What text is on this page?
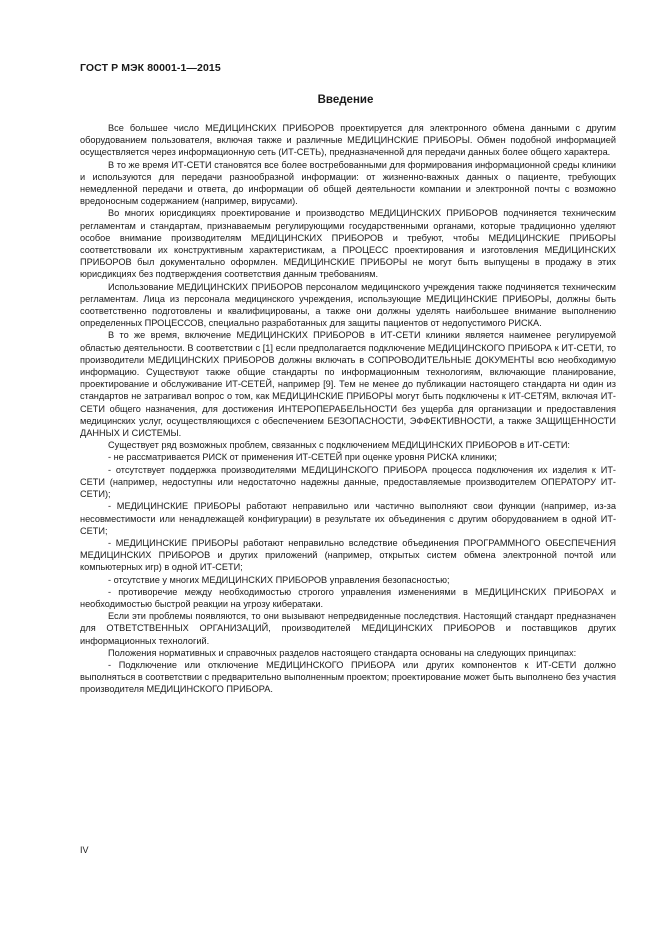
ГОСТ Р МЭК 80001-1—2015
Введение

Все большее число МЕДИЦИНСКИХ ПРИБОРОВ проектируется для электронного обмена данными с другим оборудованием пользователя, включая также и различные МЕДИЦИНСКИЕ ПРИБОРЫ. Обмен подобной информацией осуществляется через информационную сеть (ИТ-СЕТЬ), предназначенной для передачи данных более общего характера.

В то же время ИТ-СЕТИ становятся все более востребованными для формирования информационной среды клиники и используются для передачи разнообразной информации: от жизненно-важных данных о пациенте, требующих немедленной передачи и ответа, до информации об общей деятельности компании и электронной почты с возможно вредоносным содержанием (например, вирусами).

Во многих юрисдикциях проектирование и производство МЕДИЦИНСКИХ ПРИБОРОВ подчиняется техническим регламентам и стандартам, признаваемым регулирующими государственными органами, которые традиционно уделяют особое внимание производителям МЕДИЦИНСКИХ ПРИБОРОВ и требуют, чтобы МЕДИЦИНСКИЕ ПРИБОРЫ соответствовали их конструктивным характеристикам, а ПРОЦЕСС проектирования и изготовления МЕДИЦИНСКИХ ПРИБОРОВ был документально оформлен. МЕДИЦИНСКИЕ ПРИБОРЫ не могут быть выпущены в продажу в этих юрисдикциях без подтверждения соответствия данным требованиям.

Использование МЕДИЦИНСКИХ ПРИБОРОВ персоналом медицинского учреждения также подчиняется техническим регламентам. Лица из персонала медицинского учреждения, использующие МЕДИЦИНСКИЕ ПРИБОРЫ, должны быть соответственно подготовлены и квалифицированы, а также они должны уделять наибольшее внимание выполнению определенных ПРОЦЕССОВ, специально разработанных для защиты пациентов от недопустимого РИСКА.

В то же время, включение МЕДИЦИНСКИХ ПРИБОРОВ в ИТ-СЕТИ клиники является наименее регулируемой областью деятельности. В соответствии с [1] если предполагается подключение МЕДИЦИНСКОГО ПРИБОРА к ИТ-СЕТИ, то производители МЕДИЦИНСКИХ ПРИБОРОВ должны включать в СОПРОВОДИТЕЛЬНЫЕ ДОКУМЕНТЫ всю необходимую информацию. Существуют также общие стандарты по информационным технологиям, включающие планирование, проектирование и обслуживание ИТ-СЕТЕЙ, например [9]. Тем не менее до публикации настоящего стандарта ни один из стандартов не затрагивал вопрос о том, как МЕДИЦИНСКИЕ ПРИБОРЫ могут быть подключены к ИТ-СЕТЯМ, включая ИТ-СЕТИ общего назначения, для достижения ИНТЕРОПЕРАБЕЛЬНОСТИ без ущерба для организации и предоставления медицинских услуг, осуществляющихся с обеспечением БЕЗОПАСНОСТИ, ЭФФЕКТИВНОСТИ, а также ЗАЩИЩЕННОСТИ ДАННЫХ И СИСТЕМЫ.

Существует ряд возможных проблем, связанных с подключением МЕДИЦИНСКИХ ПРИБОРОВ в ИТ-СЕТИ:

- не рассматривается РИСК от применения ИТ-СЕТЕЙ при оценке уровня РИСКА клиники;

- отсутствует поддержка производителями МЕДИЦИНСКОГО ПРИБОРА процесса подключения их изделия к ИТ-СЕТИ (например, недоступны или недостаточно надежны данные, предоставляемые производителем ОПЕРАТОРУ ИТ-СЕТИ);

- МЕДИЦИНСКИЕ ПРИБОРЫ работают неправильно или частично выполняют свои функции (например, из-за несовместимости или ненадлежащей конфигурации) в результате их объединения с другим оборудованием в одной ИТ-СЕТИ;

- МЕДИЦИНСКИЕ ПРИБОРЫ работают неправильно вследствие объединения ПРОГРАММНОГО ОБЕСПЕЧЕНИЯ МЕДИЦИНСКИХ ПРИБОРОВ и других приложений (например, открытых систем обмена электронной почтой или компьютерных игр) в одной ИТ-СЕТИ;

- отсутствие у многих МЕДИЦИНСКИХ ПРИБОРОВ управления безопасностью;

- противоречие между необходимостью строгого управления изменениями в МЕДИЦИНСКИХ ПРИБОРАХ и необходимостью быстрой реакции на угрозу кибератаки.

Если эти проблемы появляются, то они вызывают непредвиденные последствия. Настоящий стандарт предназначен для ОТВЕТСТВЕННЫХ ОРГАНИЗАЦИЙ, производителей МЕДИЦИНСКИХ ПРИБОРОВ и поставщиков других информационных технологий.

Положения нормативных и справочных разделов настоящего стандарта основаны на следующих принципах:

- Подключение или отключение МЕДИЦИНСКОГО ПРИБОРА или других компонентов к ИТ-СЕТИ должно выполняться в соответствии с предварительно выполненным проектом; проектирование может быть выполнено без участия производителя МЕДИЦИНСКОГО ПРИБОРА.

IV
